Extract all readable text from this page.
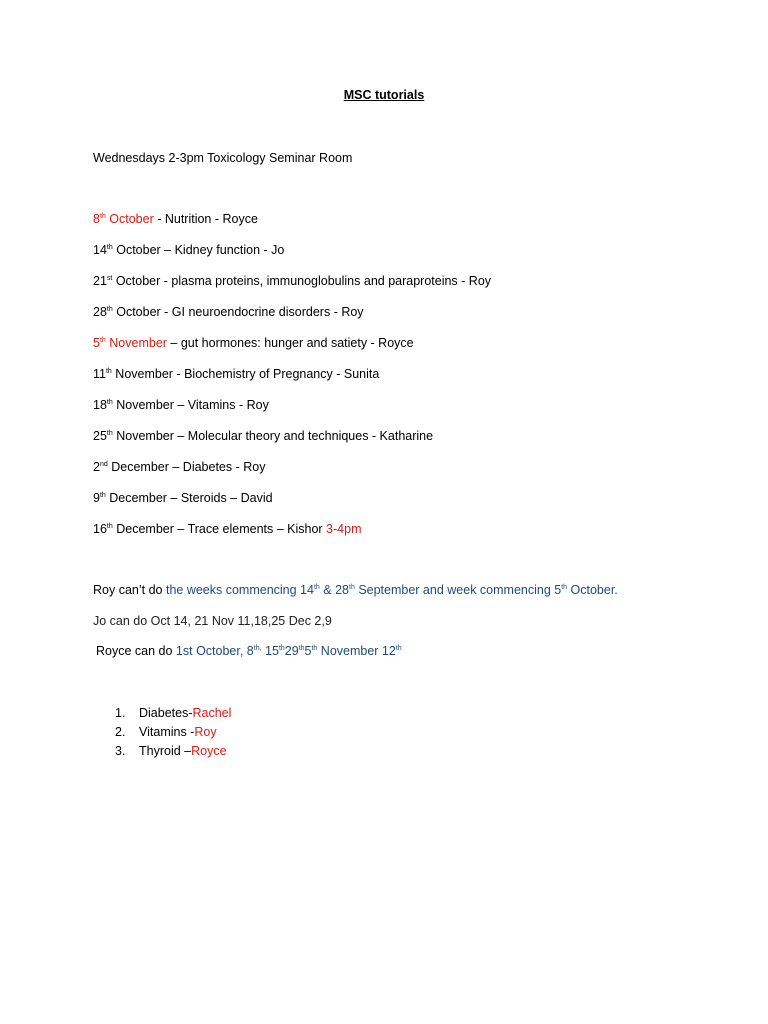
MSC tutorials
Wednesdays 2-3pm Toxicology Seminar Room
8th October - Nutrition - Royce
14th October – Kidney function - Jo
21st October - plasma proteins, immunoglobulins and paraproteins - Roy
28th October - GI neuroendocrine disorders - Roy
5th November – gut hormones: hunger and satiety - Royce
11th November - Biochemistry of Pregnancy - Sunita
18th November – Vitamins - Roy
25th November – Molecular theory and techniques - Katharine
2nd December – Diabetes - Roy
9th December – Steroids – David
16th December – Trace elements – Kishor 3-4pm
Roy can’t do the weeks commencing 14th & 28th September and week commencing 5th October.
Jo can do Oct 14, 21 Nov 11,18,25 Dec 2,9
Royce can do 1st October, $8^{th,}$ 15th29th5th November 12th
1.	Diabetes- Rachel
2.	Vitamins - Roy
3.	Thyroid – Royce
